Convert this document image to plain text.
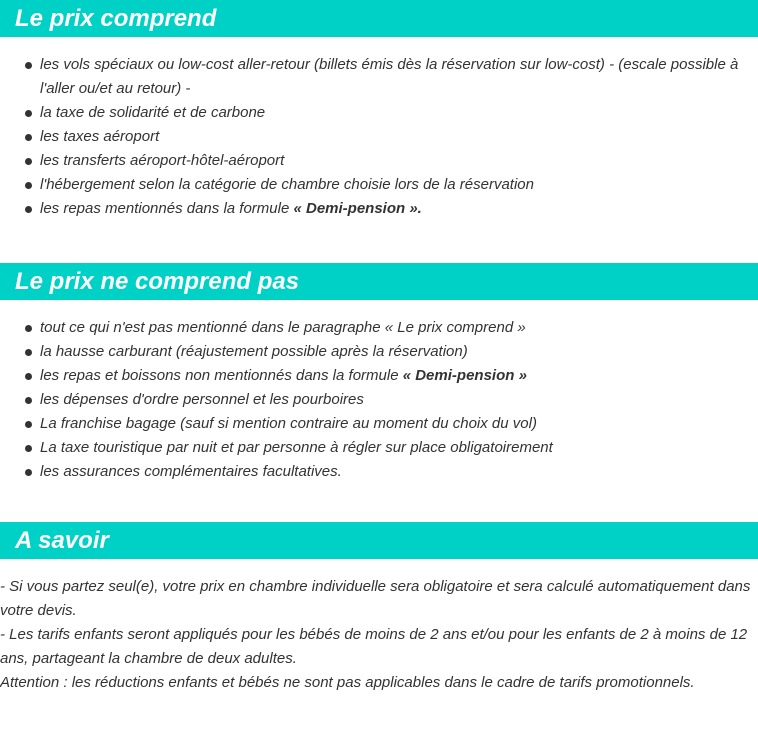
Le prix comprend
les vols spéciaux ou low-cost aller-retour (billets émis dès la réservation sur low-cost) - (escale possible à l'aller ou/et au retour) -
la taxe de solidarité et de carbone
les taxes aéroport
les transferts aéroport-hôtel-aéroport
l'hébergement selon la catégorie de chambre choisie lors de la réservation
les repas mentionnés dans la formule « Demi-pension ».
Le prix ne comprend pas
tout ce qui n'est pas mentionné dans le paragraphe « Le prix comprend »
la hausse carburant (réajustement possible après la réservation)
les repas et boissons non mentionnés dans la formule « Demi-pension »
les dépenses d'ordre personnel et les pourboires
La franchise bagage (sauf si mention contraire au moment du choix du vol)
La taxe touristique par nuit et par personne à régler sur place obligatoirement
les assurances complémentaires facultatives.
A savoir

- Si vous partez seul(e), votre prix en chambre individuelle sera obligatoire et sera calculé automatiquement dans votre devis.

- Les tarifs enfants seront appliqués pour les bébés de moins de 2 ans et/ou pour les enfants de 2 à moins de 12 ans, partageant la chambre de deux adultes.

Attention : les réductions enfants et bébés ne sont pas applicables dans le cadre de tarifs promotionnels.
